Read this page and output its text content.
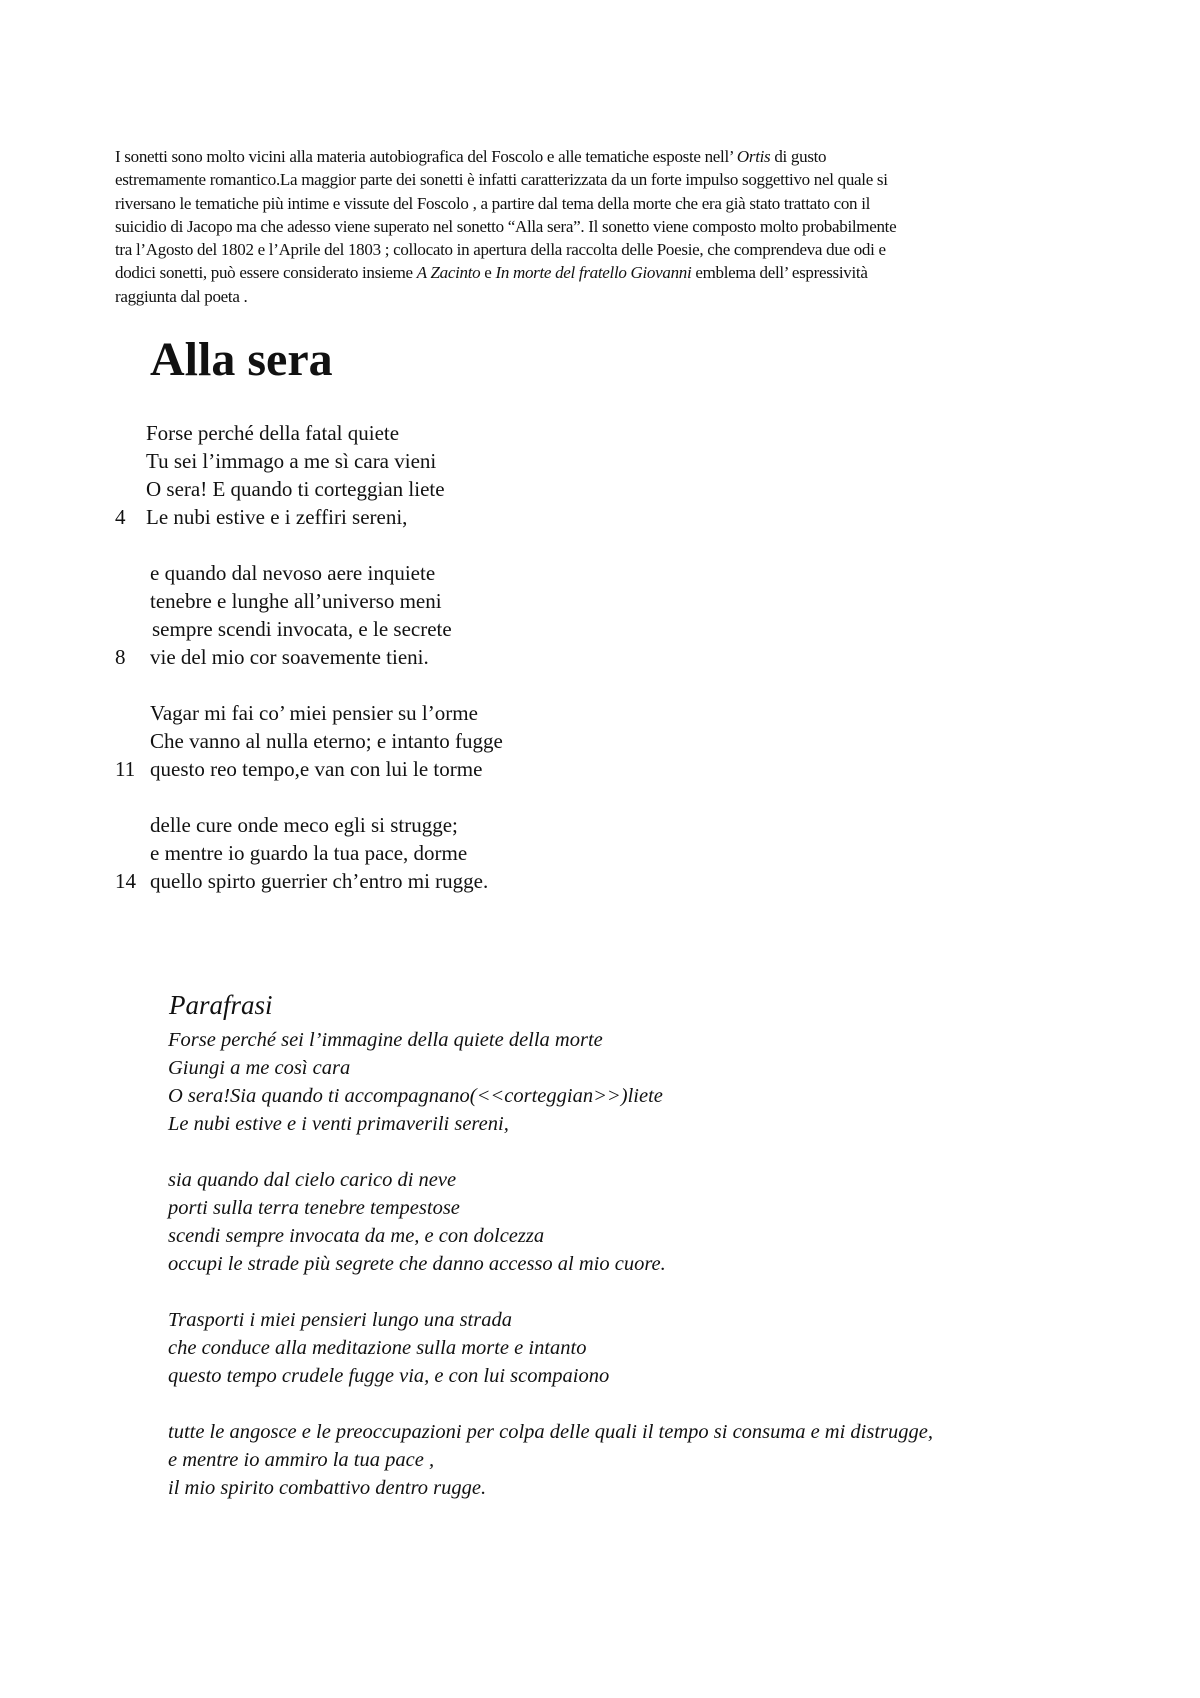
I sonetti sono molto vicini alla materia autobiografica del Foscolo e alle tematiche esposte nell’ Ortis di gusto

estremamente romantico.La maggior parte dei sonetti è infatti caratterizzata da un forte impulso soggettivo nel quale si

riversano le tematiche più intime e vissute del Foscolo , a partire dal tema della morte che era già stato trattato con il

suicidio di Jacopo ma che adesso viene superato nel sonetto “Alla sera”. Il sonetto viene composto molto probabilmente

tra l’Agosto del 1802 e l’Aprile del 1803 ; collocato in apertura della raccolta delle Poesie, che comprendeva due odi e

dodici sonetti, può essere considerato insieme A Zacinto e In morte del fratello Giovanni emblema dell’ espressività

raggiunta dal poeta .

Alla sera
Forse perché della fatal quiete
Tu sei l’immago a me sì cara vieni
O sera! E quando ti corteggian liete
4 Le nubi estive e i zeffiri sereni,
e quando dal nevoso aere inquiete
tenebre e lunghe all’universo meni
sempre scendi invocata, e le secrete
8 vie del mio cor soavemente tieni.
Vagar mi fai co’ miei pensier su l’orme
Che vanno al nulla eterno; e intanto fugge
11 questo reo tempo,e van con lui le torme
delle cure onde meco egli si strugge;
e mentre io guardo la tua pace, dorme
14 quello spirto guerrier ch’entro mi rugge.
Parafrasi
Forse perché sei l’immagine della quiete della morte
Giungi a me così cara
O sera!Sia quando ti accompagnano(<<corteggian>>)liete
Le nubi estive e i venti primaverili sereni,
sia quando dal cielo carico di neve
porti sulla terra tenebre tempestose
scendi sempre invocata da me, e con dolcezza
occupi le strade più segrete che danno accesso al mio cuore.
Trasporti i miei pensieri lungo una strada
che conduce alla meditazione sulla morte e intanto
questo tempo crudele fugge via, e con lui scompaiono
tutte le angosce e le preoccupazioni per colpa delle quali il tempo si consuma e mi distrugge,
e mentre io ammiro la tua pace ,
il mio spirito combattivo dentro rugge.
